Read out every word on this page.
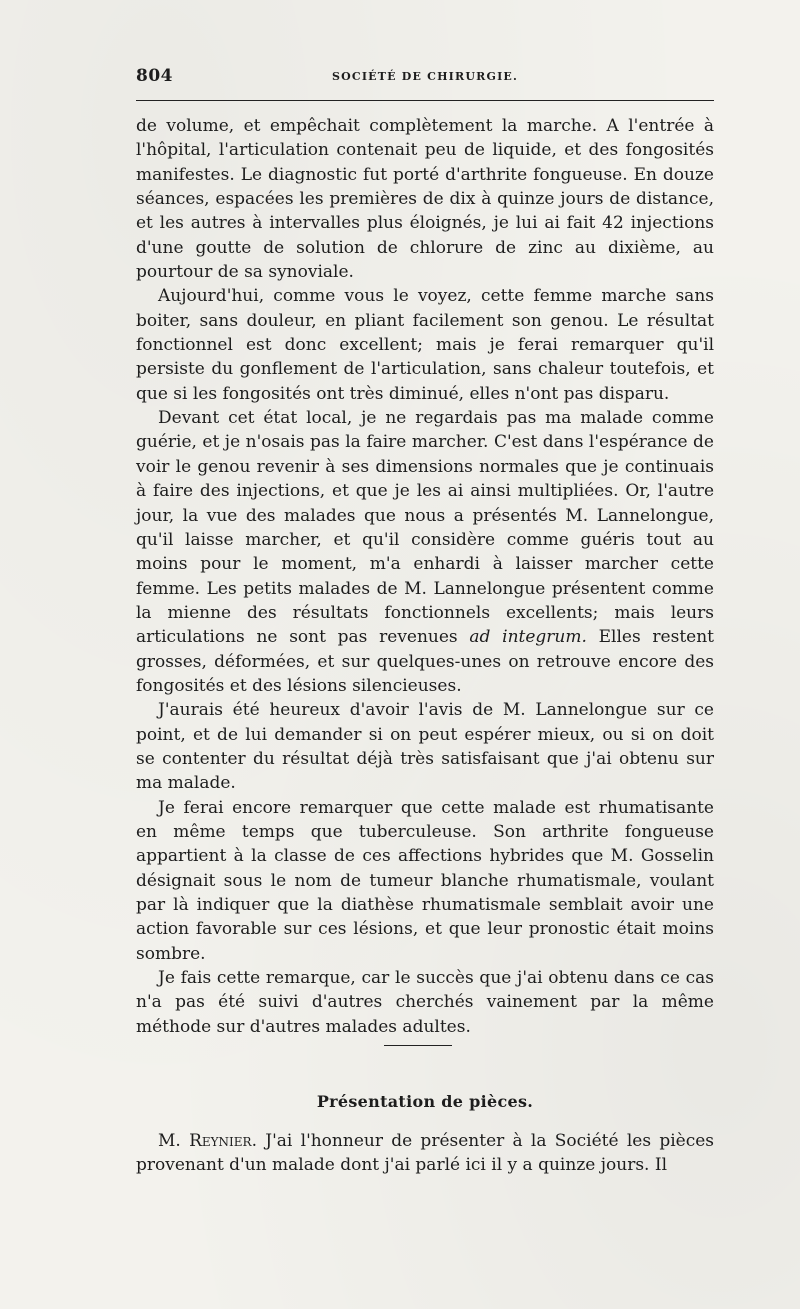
804	SOCIÉTÉ DE CHIRURGIE.

de volume, et empêchait complètement la marche. A l'entrée à l'hôpital, l'articulation contenait peu de liquide, et des fongosités manifestes. Le diagnostic fut porté d'arthrite fongueuse. En douze séances, espacées les premières de dix à quinze jours de distance, et les autres à intervalles plus éloignés, je lui ai fait 42 injections d'une goutte de solution de chlorure de zinc au dixième, au pourtour de sa synoviale.

Aujourd'hui, comme vous le voyez, cette femme marche sans boiter, sans douleur, en pliant facilement son genou. Le résultat fonctionnel est donc excellent; mais je ferai remarquer qu'il persiste du gonflement de l'articulation, sans chaleur toutefois, et que si les fongosités ont très diminué, elles n'ont pas disparu.

Devant cet état local, je ne regardais pas ma malade comme guérie, et je n'osais pas la faire marcher. C'est dans l'espérance de voir le genou revenir à ses dimensions normales que je continuais à faire des injections, et que je les ai ainsi multipliées. Or, l'autre jour, la vue des malades que nous a présentés M. Lannelongue, qu'il laisse marcher, et qu'il considère comme guéris tout au moins pour le moment, m'a enhardi à laisser marcher cette femme. Les petits malades de M. Lannelongue présentent comme la mienne des résultats fonctionnels excellents; mais leurs articulations ne sont pas revenues ad integrum. Elles restent grosses, déformées, et sur quelques-unes on retrouve encore des fongosités et des lésions silencieuses.

J'aurais été heureux d'avoir l'avis de M. Lannelongue sur ce point, et de lui demander si on peut espérer mieux, ou si on doit se contenter du résultat déjà très satisfaisant que j'ai obtenu sur ma malade.

Je ferai encore remarquer que cette malade est rhumatisante en même temps que tuberculeuse. Son arthrite fongueuse appartient à la classe de ces affections hybrides que M. Gosselin désignait sous le nom de tumeur blanche rhumatismale, voulant par là indiquer que la diathèse rhumatismale semblait avoir une action favorable sur ces lésions, et que leur pronostic était moins sombre.

Je fais cette remarque, car le succès que j'ai obtenu dans ce cas n'a pas été suivi d'autres cherchés vainement par la même méthode sur d'autres malades adultes.

Présentation de pièces.

M. Reynier. J'ai l'honneur de présenter à la Société les pièces provenant d'un malade dont j'ai parlé ici il y a quinze jours. Il
